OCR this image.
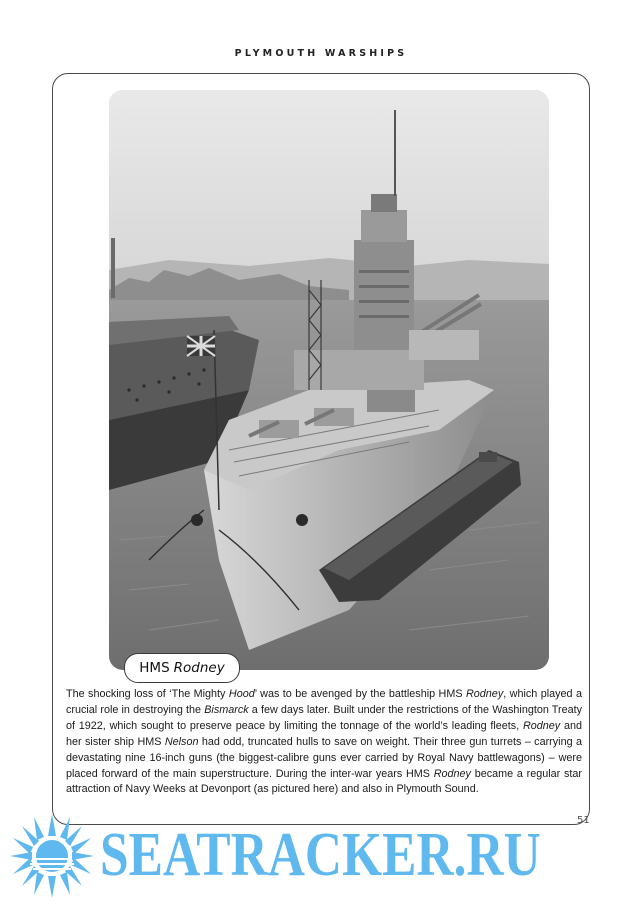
PLYMOUTH WARSHIPS
HMS Rodney
The shocking loss of ‘The Mighty Hood’ was to be avenged by the battleship HMS Rodney, which played a crucial role in destroying the Bismarck a few days later. Built under the restrictions of the Washington Treaty of 1922, which sought to preserve peace by limiting the tonnage of the world’s leading fleets, Rodney and her sister ship HMS Nelson had odd, truncated hulls to save on weight. Their three gun turrets – carrying a devastating nine 16-inch guns (the biggest-calibre guns ever carried by Royal Navy battlewagons) – were placed forward of the main superstructure. During the inter-war years HMS Rodney became a regular star attraction of Navy Weeks at Devonport (as pictured here) and also in Plymouth Sound.
51
SEATRACKER.RU
